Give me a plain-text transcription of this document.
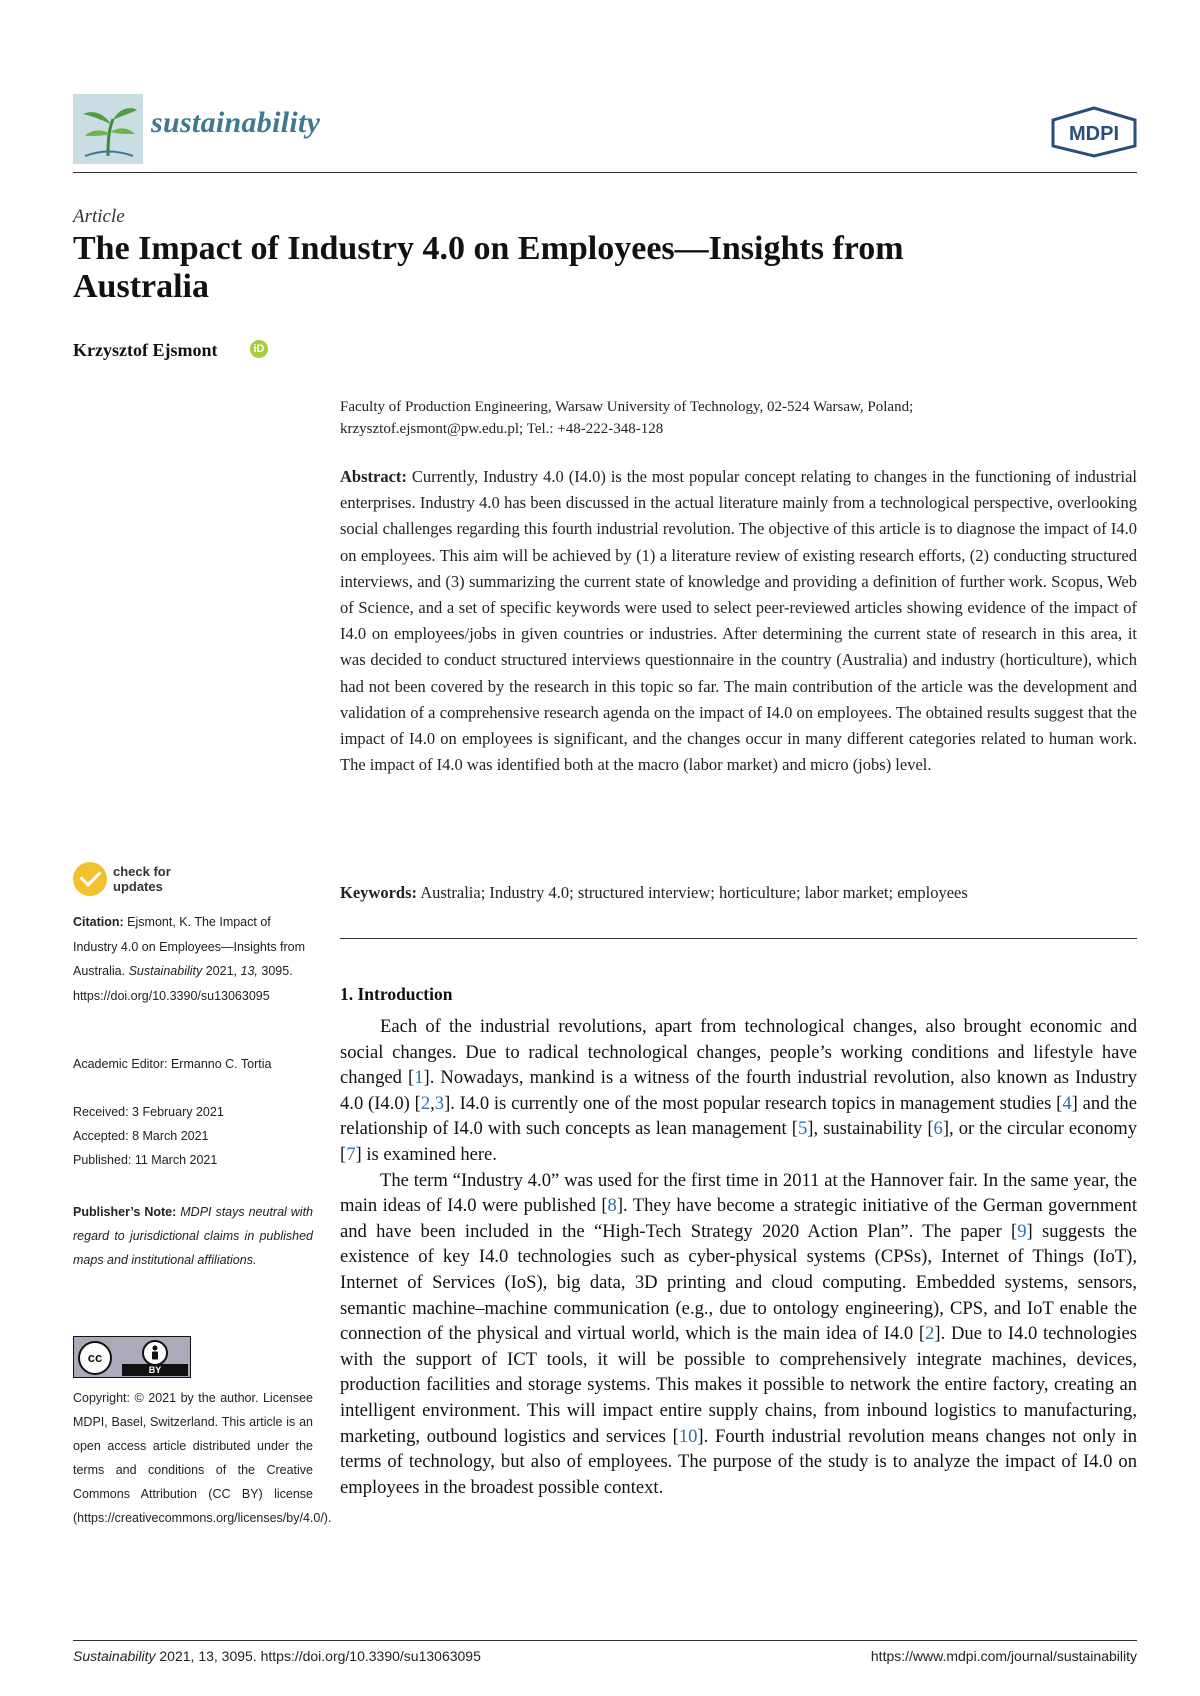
sustainability	MDPI
Article
The Impact of Industry 4.0 on Employees—Insights from Australia
Krzysztof Ejsmont	iD
Faculty of Production Engineering, Warsaw University of Technology, 02-524 Warsaw, Poland;
krzysztof.ejsmont@pw.edu.pl; Tel.: +48-222-348-128
Abstract: Currently, Industry 4.0 (I4.0) is the most popular concept relating to changes in the functioning of industrial enterprises. Industry 4.0 has been discussed in the actual literature mainly from a technological perspective, overlooking social challenges regarding this fourth industrial revolution. The objective of this article is to diagnose the impact of I4.0 on employees. This aim will be achieved by (1) a literature review of existing research efforts, (2) conducting structured interviews, and (3) summarizing the current state of knowledge and providing a definition of further work. Scopus, Web of Science, and a set of specific keywords were used to select peer-reviewed articles showing evidence of the impact of I4.0 on employees/jobs in given countries or industries. After determining the current state of research in this area, it was decided to conduct structured interviews questionnaire in the country (Australia) and industry (horticulture), which had not been covered by the research in this topic so far. The main contribution of the article was the development and validation of a comprehensive research agenda on the impact of I4.0 on employees. The obtained results suggest that the impact of I4.0 on employees is significant, and the changes occur in many different categories related to human work. The impact of I4.0 was identified both at the macro (labor market) and micro (jobs) level.
Keywords: Australia; Industry 4.0; structured interview; horticulture; labor market; employees
1. Introduction

Each of the industrial revolutions, apart from technological changes, also brought economic and social changes. Due to radical technological changes, people’s working conditions and lifestyle have changed [1]. Nowadays, mankind is a witness of the fourth industrial revolution, also known as Industry 4.0 (I4.0) [2,3]. I4.0 is currently one of the most popular research topics in management studies [4] and the relationship of I4.0 with such concepts as lean management [5], sustainability [6], or the circular economy [7] is examined here.

The term “Industry 4.0” was used for the first time in 2011 at the Hannover fair. In the same year, the main ideas of I4.0 were published [8]. They have become a strategic initiative of the German government and have been included in the “High-Tech Strategy 2020 Action Plan”. The paper [9] suggests the existence of key I4.0 technologies such as cyber-physical systems (CPSs), Internet of Things (IoT), Internet of Services (IoS), big data, 3D printing and cloud computing. Embedded systems, sensors, semantic machine–machine communication (e.g., due to ontology engineering), CPS, and IoT enable the connection of the physical and virtual world, which is the main idea of I4.0 [2]. Due to I4.0 technologies with the support of ICT tools, it will be possible to comprehensively integrate machines, devices, production facilities and storage systems. This makes it possible to network the entire factory, creating an intelligent environment. This will impact entire supply chains, from inbound logistics to manufacturing, marketing, outbound logistics and services [10]. Fourth industrial revolution means changes not only in terms of technology, but also of employees. The purpose of the study is to analyze the impact of I4.0 on employees in the broadest possible context.

check for
updates
Citation: Ejsmont, K. The Impact of Industry 4.0 on Employees—Insights from Australia. Sustainability 2021, 13, 3095. https://doi.org/10.3390/su13063095
Academic Editor: Ermanno C. Tortia
Received: 3 February 2021
Accepted: 8 March 2021
Published: 11 March 2021
Publisher’s Note: MDPI stays neutral with regard to jurisdictional claims in published maps and institutional affiliations.
cc
BY
Copyright: © 2021 by the author. Licensee MDPI, Basel, Switzerland. This article is an open access article distributed under the terms and conditions of the Creative Commons Attribution (CC BY) license (https://creativecommons.org/licenses/by/4.0/).
Sustainability 2021, 13, 3095. https://doi.org/10.3390/su13063095	https://www.mdpi.com/journal/sustainability
